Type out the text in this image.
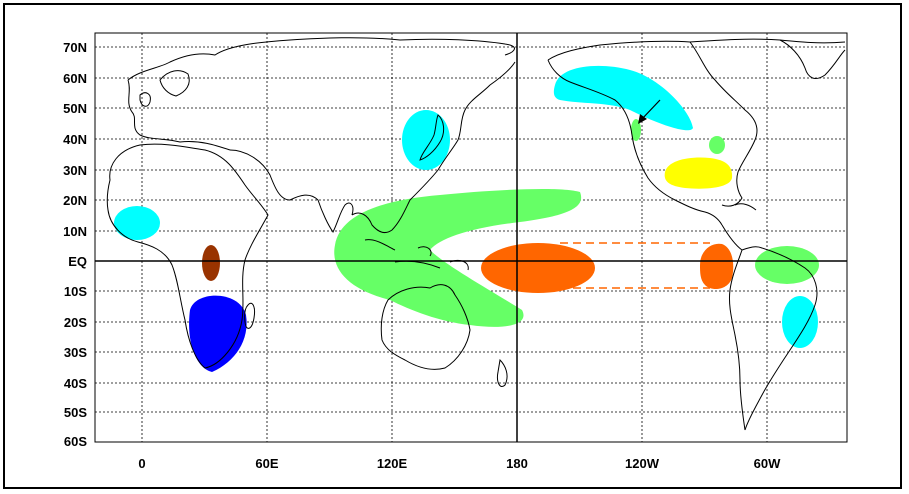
70N
60N
50N
40N
30N
20N
10N
EQ
10S
20S
30S
40S
50S
60S
0	60E	120E	180	120W	60W
